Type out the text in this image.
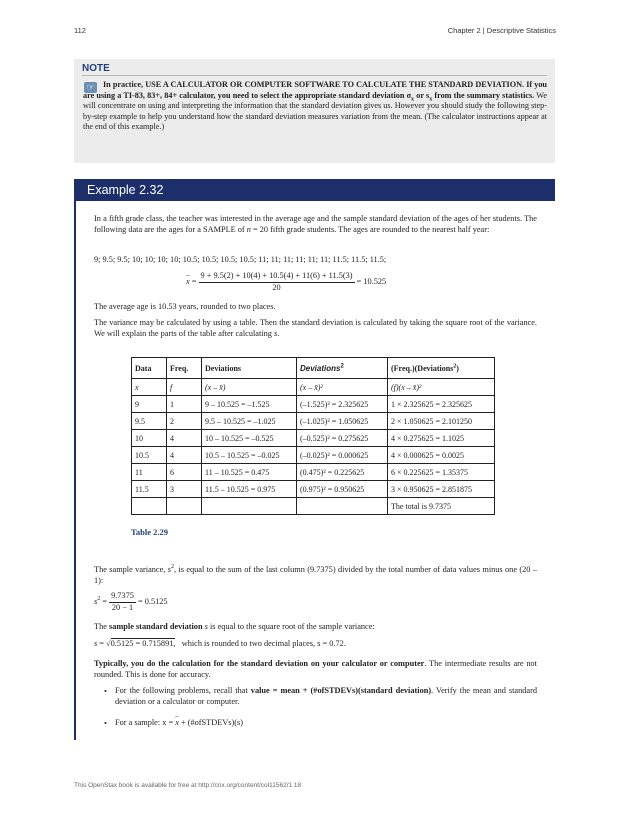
112	Chapter 2 | Descriptive Statistics
NOTE
☞	In practice, USE A CALCULATOR OR COMPUTER SOFTWARE TO CALCULATE THE STANDARD DEVIATION. If you are using a TI-83, 83+, 84+ calculator, you need to select the appropriate standard deviation $\sigma_x$ or $s_x$ from the summary statistics. We will concentrate on using and interpreting the information that the standard deviation gives us. However you should study the following step-by-step example to help you understand how the standard deviation measures variation from the mean. (The calculator instructions appear at the end of this example.)
Example 2.32
In a fifth grade class, the teacher was interested in the average age and the sample standard deviation of the ages of her students. The following data are the ages for a SAMPLE of n = 20 fifth grade students. The ages are rounded to the nearest half year:
9; 9.5; 9.5; 10; 10; 10; 10; 10.5; 10.5; 10.5; 10.5; 11; 11; 11; 11; 11; 11; 11.5; 11.5; 11.5;
– $x = \frac{9 + 9.5(2) + 10(4) + 10.5(4) + 11(6) + 11.5(3)}{20} = 10.525$
The average age is 10.53 years, rounded to two places.
The variance may be calculated by using a table. Then the standard deviation is calculated by taking the square root of the variance. We will explain the parts of the table after calculating s.
Data	Freq.	Deviations	Deviations$^2$	(Freq.)(Deviations$^2$)
x	f	(x – x̄)	(x – x̄)²	(f)(x – x̄)²
9	1	9 – 10.525 = –1.525	(–1.525)² = 2.325625	1 × 2.325625 = 2.325625
9.5	2	9.5 – 10.525 = –1.025	(–1.025)² = 1.050625	2 × 1.050625 = 2.101250
10	4	10 – 10.525 = –0.525	(–0.525)² = 0.275625	4 × 0.275625 = 1.1025
10.5	4	10.5 – 10.525 = –0.025	(–0.025)² = 0.000625	4 × 0.000625 = 0.0025
11	6	11 – 10.525 = 0.475	(0.475)² = 0.225625	6 × 0.225625 = 1.35375
11.5	3	11.5 – 10.525 = 0.975	(0.975)² = 0.950625	3 × 0.950625 = 2.851875
				The total is 9.7375
Table 2.29
The sample variance, $s^2$, is equal to the sum of the last column (9.7375) divided by the total number of data values minus one (20 – 1):
$s^2 = \frac{9.7375}{20 - 1} = 0.5125$
The sample standard deviation s is equal to the square root of the sample variance:
s = √0.5125 = 0.715891, which is rounded to two decimal places, s = 0.72.
Typically, you do the calculation for the standard deviation on your calculator or computer. The intermediate results are not rounded. This is done for accuracy.
• For the following problems, recall that value = mean + (#ofSTDEVs)(standard deviation). Verify the mean and standard deviation or a calculator or computer.
• For a sample: x = – x + (#ofSTDEVs)(s)
This OpenStax book is available for free at http://cnx.org/content/col11562/1.18
